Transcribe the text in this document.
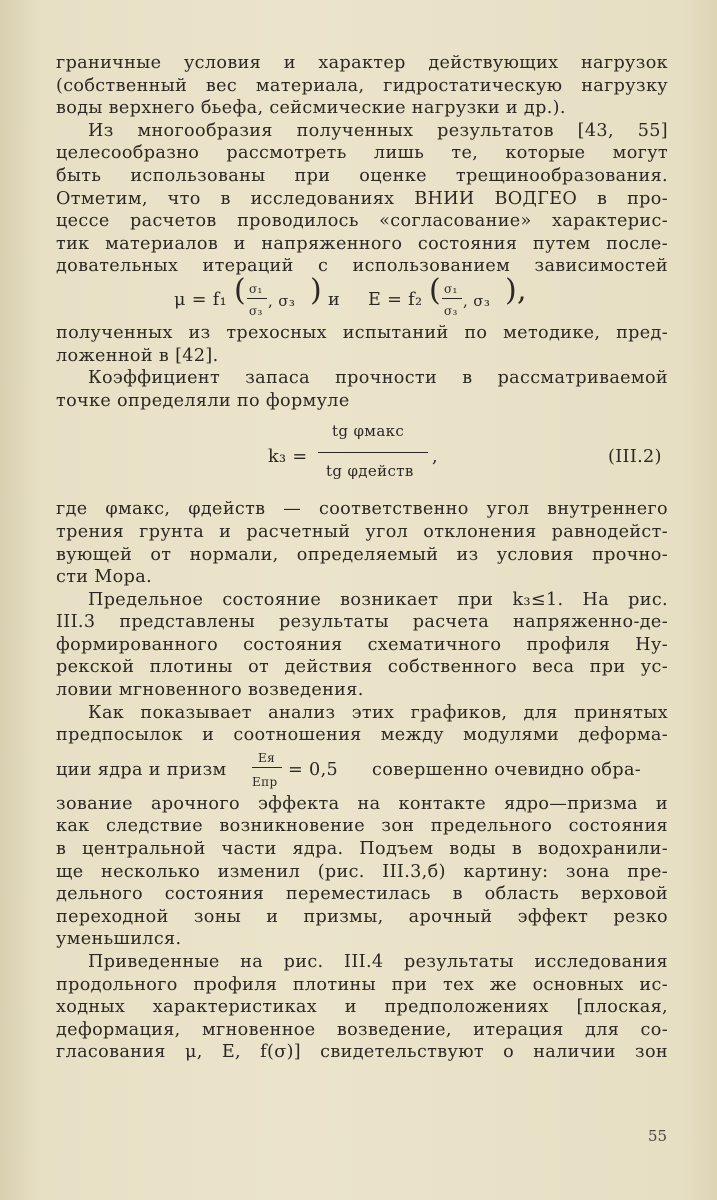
граничные условия и характер действующих нагрузок
(собственный вес материала, гидростатическую нагрузку
воды верхнего бьефа, сейсмические нагрузки и др.).
Из многообразия полученных результатов [43, 55]
целесообразно рассмотреть лишь те, которые могут
быть использованы при оценке трещинообразования.
Отметим, что в исследованиях ВНИИ ВОДГЕО в про-
цессе расчетов проводилось «согласование» характерис-
тик материалов и напряженного состояния путем после-
довательных итераций с использованием зависимостей
μ = f₁ ( σ₁
σ₃
, σ₃ ) и E = f₂ ( σ₁
σ₃
, σ₃ ),
полученных из трехосных испытаний по методике, пред-
ложенной в [42].
Коэффициент запаса прочности в рассматриваемой
точке определяли по формуле
k₃ =
tg φмакс
tg φдейств
,	(III.2)
где φмакс, φдейств — соответственно угол внутреннего
трения грунта и расчетный угол отклонения равнодейст-
вующей от нормали, определяемый из условия прочно-
сти Мора.
Предельное состояние возникает при k₃≤1. На рис.
III.3 представлены результаты расчета напряженно-де-
формированного состояния схематичного профиля Ну-
рекской плотины от действия собственного веса при ус-
ловии мгновенного возведения.
Как показывает анализ этих графиков, для принятых
предпосылок и соотношения между модулями деформа-
ции ядра и призм
Eя
Eпр
= 0,5 совершенно очевидно обра-
зование арочного эффекта на контакте ядро—призма и
как следствие возникновение зон предельного состояния
в центральной части ядра. Подъем воды в водохранили-
ще несколько изменил (рис. III.3,б) картину: зона пре-
дельного состояния переместилась в область верховой
переходной зоны и призмы, арочный эффект резко
уменьшился.
Приведенные на рис. III.4 результаты исследования
продольного профиля плотины при тех же основных ис-
ходных характеристиках и предположениях [плоская,
деформация, мгновенное возведение, итерация для со-
гласования μ, E, f(σ)] свидетельствуют о наличии зон
55
